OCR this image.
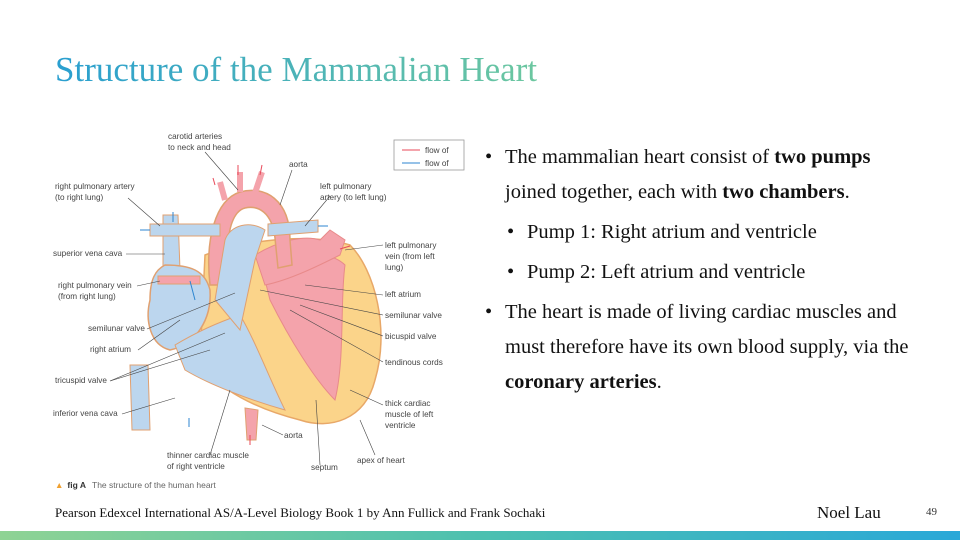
Structure of the Mammalian Heart
carotid arteries
to neck and head
aorta
right pulmonary artery
(to right lung)
left pulmonary
artery (to left lung)
superior vena cava
left pulmonary
vein (from left
lung)
right pulmonary vein
(from right lung)	left atrium
semilunar valve
semilunar valve
bicuspid valve
right atrium
tendinous cords
tricuspid valve
thick cardiac
muscle of left
ventricle
inferior vena cava
aorta
thinner cardiac muscle
of right ventricle
apex of heart
septum
flow of
flow of
▲ fig A The structure of the human heart
• The mammalian heart consist of two pumps joined together, each with two chambers.
• Pump 1: Right atrium and ventricle
• Pump 2: Left atrium and ventricle
• The heart is made of living cardiac muscles and must therefore have its own blood supply, via the coronary arteries.
Pearson Edexcel International AS/A-Level Biology Book 1 by Ann Fullick and Frank Sochaki	Noel Lau	49
